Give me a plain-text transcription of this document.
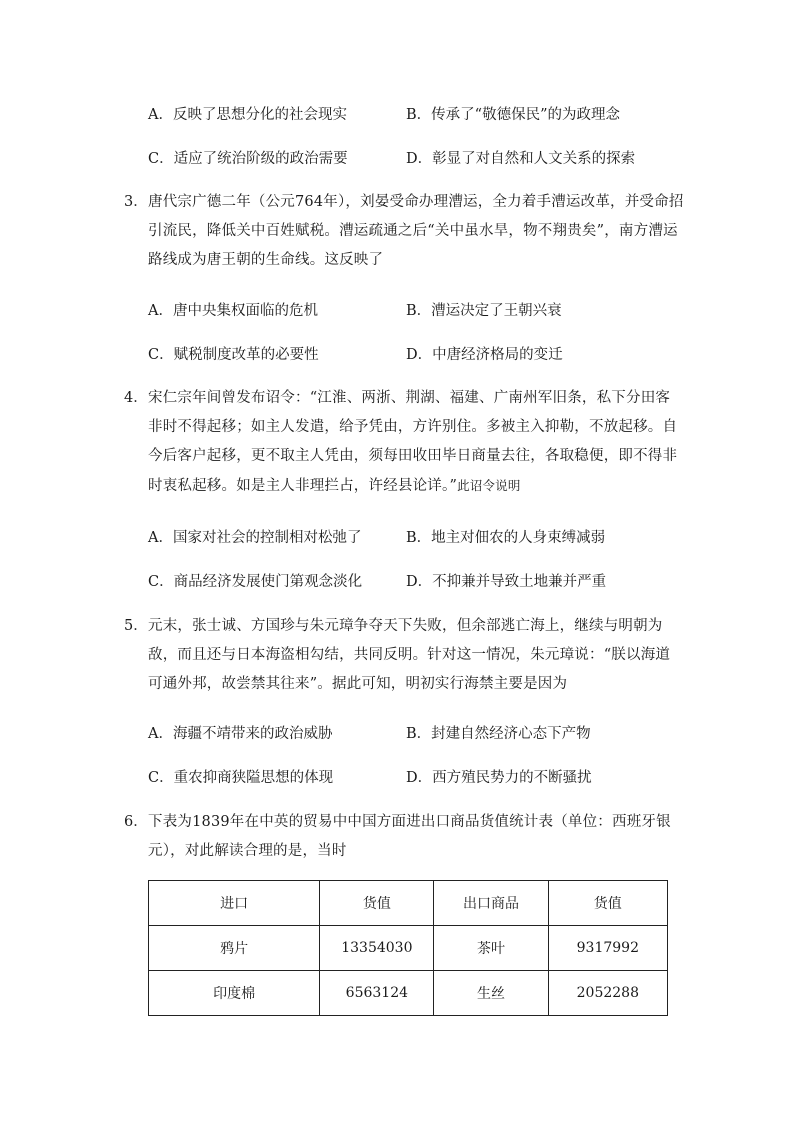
A．反映了思想分化的社会现实	B．传承了“敬德保民”的为政理念
C．适应了统治阶级的政治需要	D．彰显了对自然和人文关系的探索
3． 唐代宗广德二年（公元764年），刘晏受命办理漕运，全力着手漕运改革，并受命招引流民，降低关中百姓赋税。漕运疏通之后“关中虽水旱，物不翔贵矣”，南方漕运路线成为唐王朝的生命线。这反映了
A．唐中央集权面临的危机	B．漕运决定了王朝兴衰
C．赋税制度改革的必要性	D．中唐经济格局的变迁
4． 宋仁宗年间曾发布诏令：“江淮、两浙、荆湖、福建、广南州军旧条，私下分田客非时不得起移；如主人发遣，给予凭由，方许别住。多被主入抑勒，不放起移。自今后客户起移，更不取主人凭由，须每田收田毕日商量去往，各取稳便，即不得非时衷私起移。如是主人非理拦占，许经县论详。”此诏令说明
A．国家对社会的控制相对松弛了	B．地主对佃农的人身束缚减弱
C．商品经济发展使门第观念淡化	D．不抑兼并导致土地兼并严重
5． 元末，张士诚、方国珍与朱元璋争夺天下失败，但余部逃亡海上，继续与明朝为敌，而且还与日本海盗相勾结，共同反明。针对这一情况，朱元璋说：“朕以海道可通外邦，故尝禁其往来”。据此可知，明初实行海禁主要是因为
A．海疆不靖带来的政治威胁	B．封建自然经济心态下产物
C．重农抑商狭隘思想的体现	D．西方殖民势力的不断骚扰
6． 下表为1839年在中英的贸易中中国方面进出口商品货值统计表（单位：西班牙银元），对此解读合理的是，当时
进口	货值	出口商品	货值
鸦片	13354030	茶叶	9317992
印度棉	6563124	生丝	2052288
